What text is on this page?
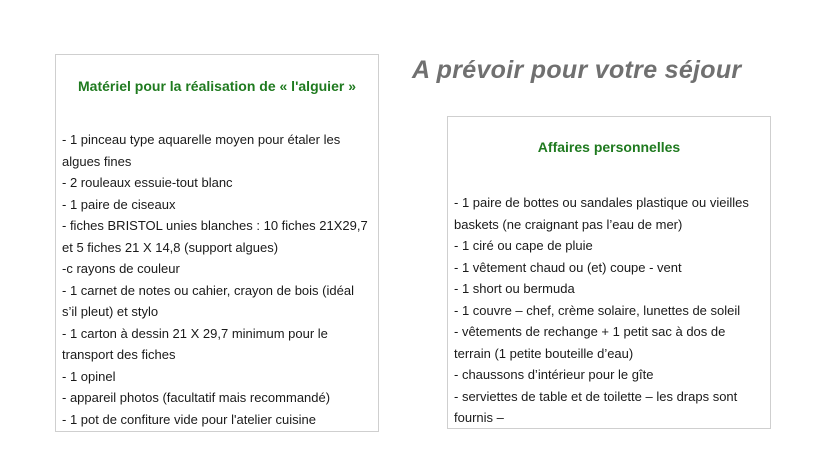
A prévoir pour votre séjour
Matériel pour la réalisation de « l'alguier »
- 1 pinceau type aquarelle moyen pour étaler les algues fines
- 2 rouleaux essuie-tout blanc
- 1 paire de ciseaux
- fiches BRISTOL unies blanches : 10 fiches 21X29,7 et 5 fiches 21 X 14,8 (support algues)
-c rayons de couleur
- 1 carnet de notes ou cahier, crayon de bois (idéal s’il pleut) et stylo
- 1 carton à dessin 21 X 29,7 minimum pour le transport des fiches
- 1 opinel
- appareil photos (facultatif mais recommandé)
- 1 pot de confiture vide pour l'atelier cuisine
Affaires personnelles
- 1 paire de bottes ou sandales plastique ou vieilles baskets (ne craignant pas l’eau de mer)
- 1 ciré ou cape de pluie
- 1 vêtement chaud ou (et) coupe - vent
- 1 short ou bermuda
- 1 couvre – chef, crème solaire, lunettes de soleil
- vêtements de rechange + 1 petit sac à dos de terrain (1 petite bouteille d’eau)
- chaussons d’intérieur pour le gîte
- serviettes de table et de toilette – les draps sont fournis –
